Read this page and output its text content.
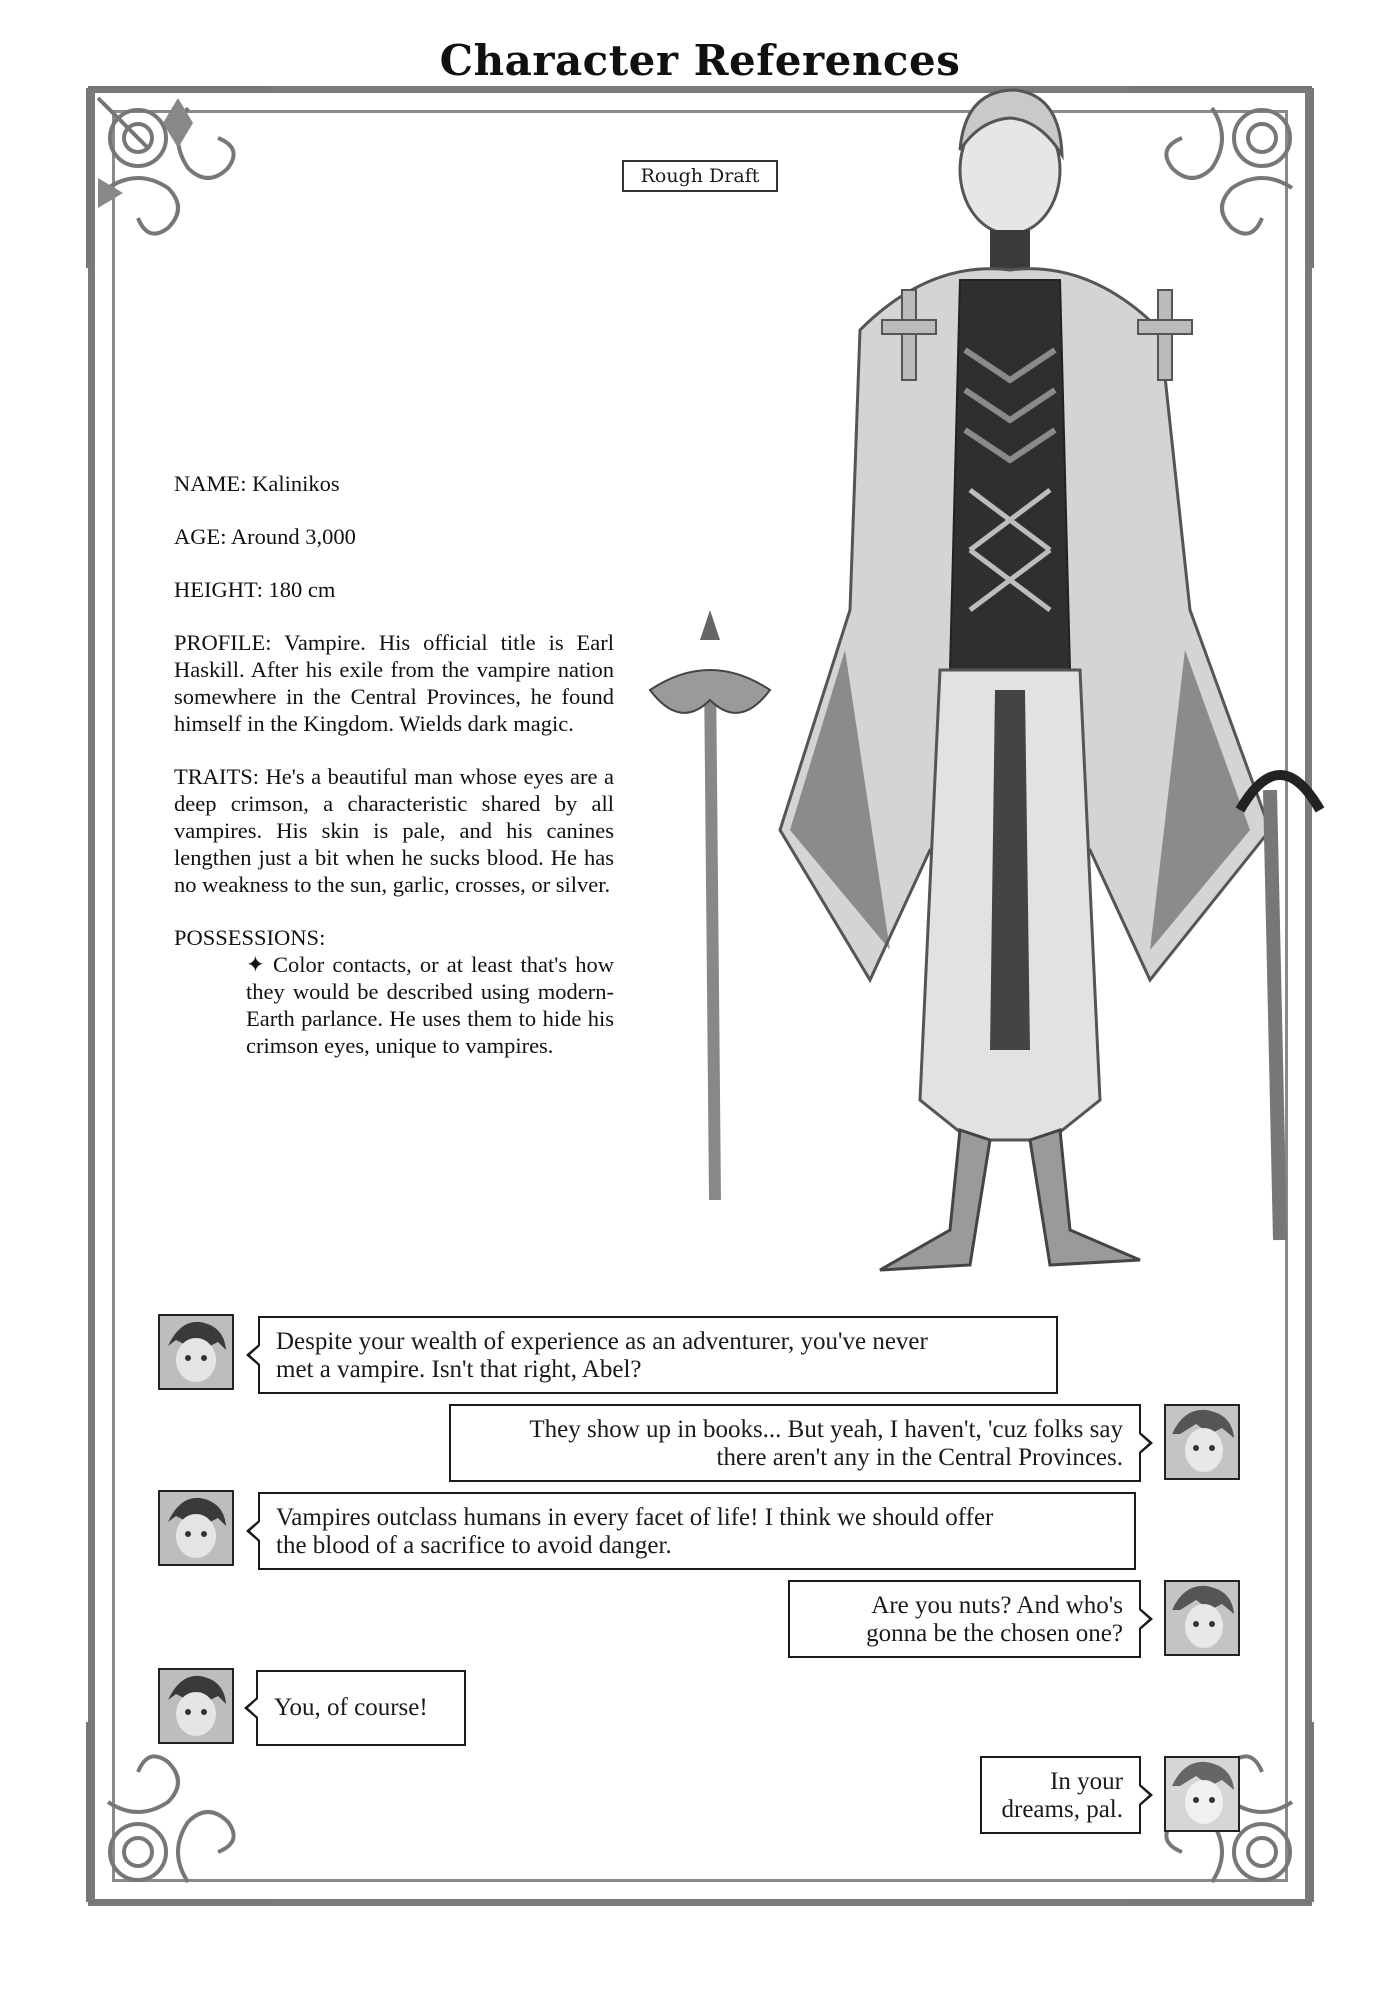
Character References
Rough Draft

NAME: Kalinikos

AGE: Around 3,000

HEIGHT: 180 cm

PROFILE: Vampire. His official title is Earl Haskill. After his exile from the vampire nation somewhere in the Central Provinces, he found himself in the Kingdom. Wields dark magic.

TRAITS: He's a beautiful man whose eyes are a deep crimson, a characteristic shared by all vampires. His skin is pale, and his canines lengthen just a bit when he sucks blood. He has no weakness to the sun, garlic, crosses, or silver.

POSSESSIONS:

✦ Color contacts, or at least that's how they would be described using modern-Earth parlance. He uses them to hide his crimson eyes, unique to vampires.

Despite your wealth of experience as an adventurer, you've never
met a vampire. Isn't that right, Abel?
They show up in books... But yeah, I haven't, 'cuz folks say
there aren't any in the Central Provinces.
Vampires outclass humans in every facet of life! I think we should offer
the blood of a sacrifice to avoid danger.
Are you nuts? And who's
gonna be the chosen one?
You, of course!
In your
dreams, pal.
